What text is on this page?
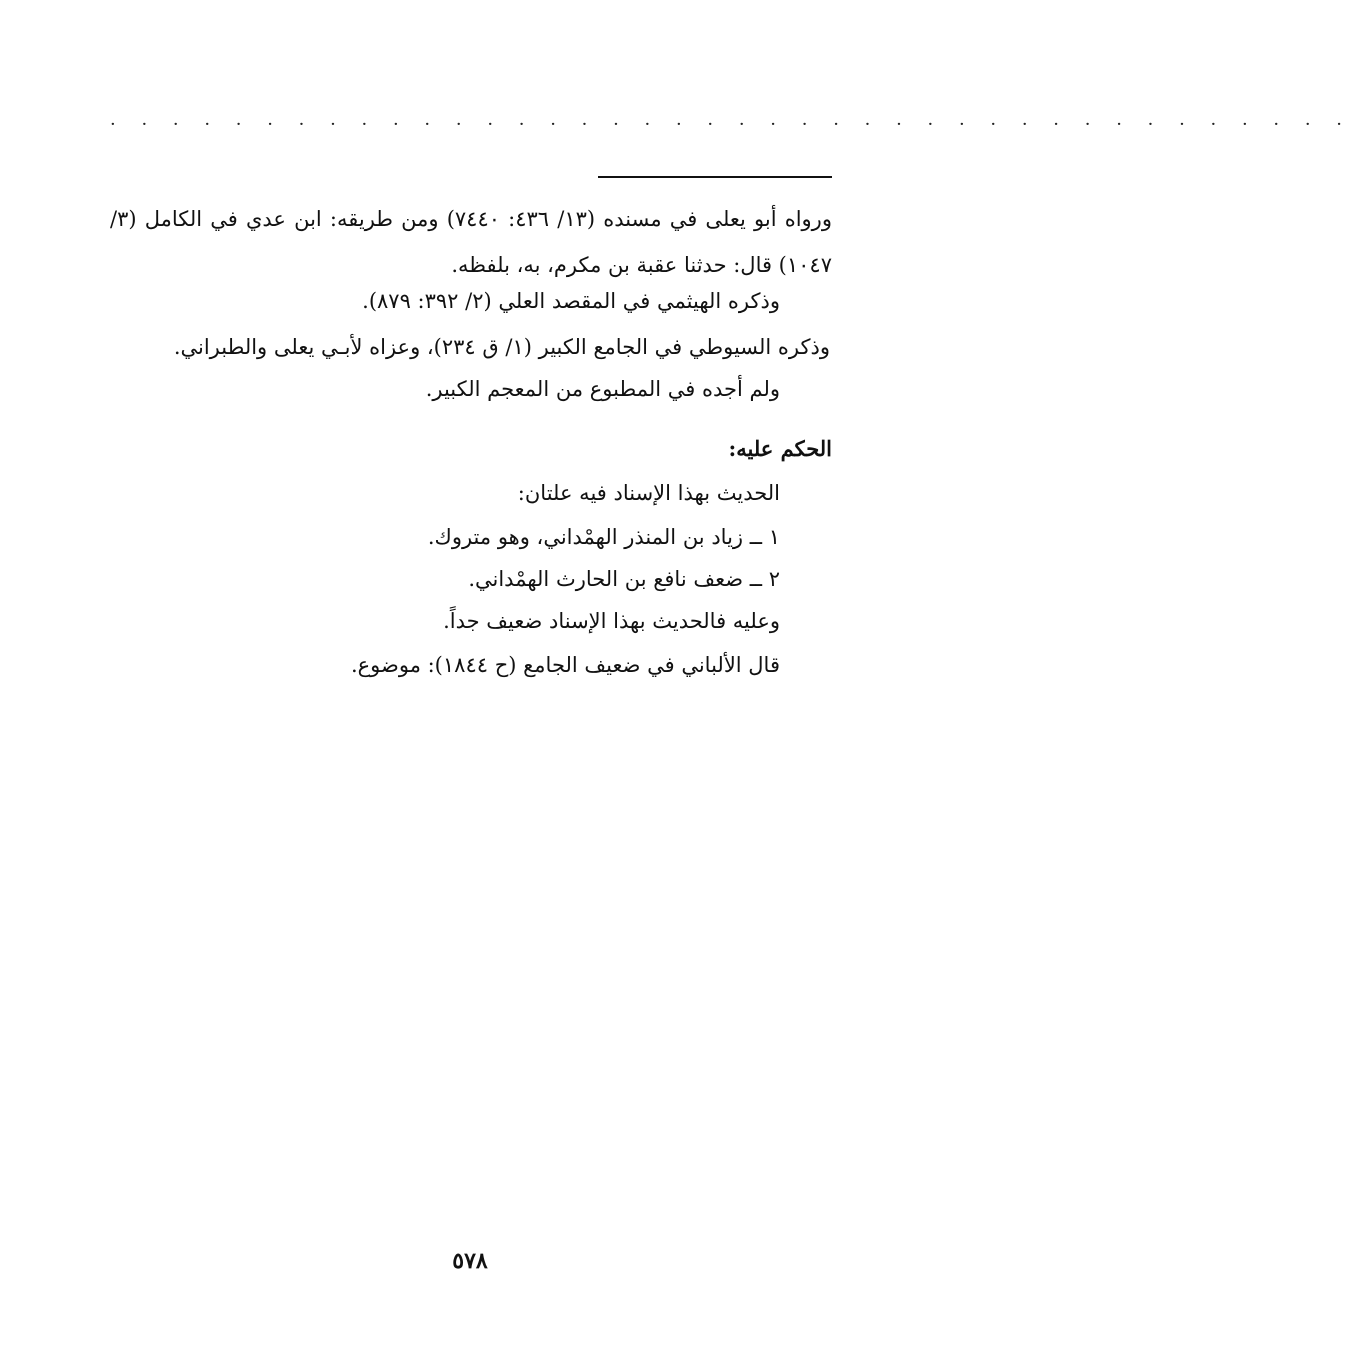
· · · · · · · · · · · · · · · · · · · · · · · · · · · · · · · · · · · · · · · ·
ورواه أبو يعلى في مسنده (١٣/ ٤٣٦: ٧٤٤٠) ومن طريقه: ابن عدي في الكامل (٣/ ١٠٤٧) قال: حدثنا عقبة بن مكرم، به، بلفظه.
وذكره الهيثمي في المقصد العلي (٢/ ٣٩٢: ٨٧٩).
وذكره السيوطي في الجامع الكبير (١/ ق ٢٣٤)، وعزاه لأبـي يعلى والطبراني.
ولم أجده في المطبوع من المعجم الكبير.
الحكم عليه:
الحديث بهذا الإسناد فيه علتان:
١ ــ زياد بن المنذر الهمْداني، وهو متروك.
٢ ــ ضعف نافع بن الحارث الهمْداني.
وعليه فالحديث بهذا الإسناد ضعيف جداً.
قال الألباني في ضعيف الجامع (ح ١٨٤٤): موضوع.
٥٧٨
